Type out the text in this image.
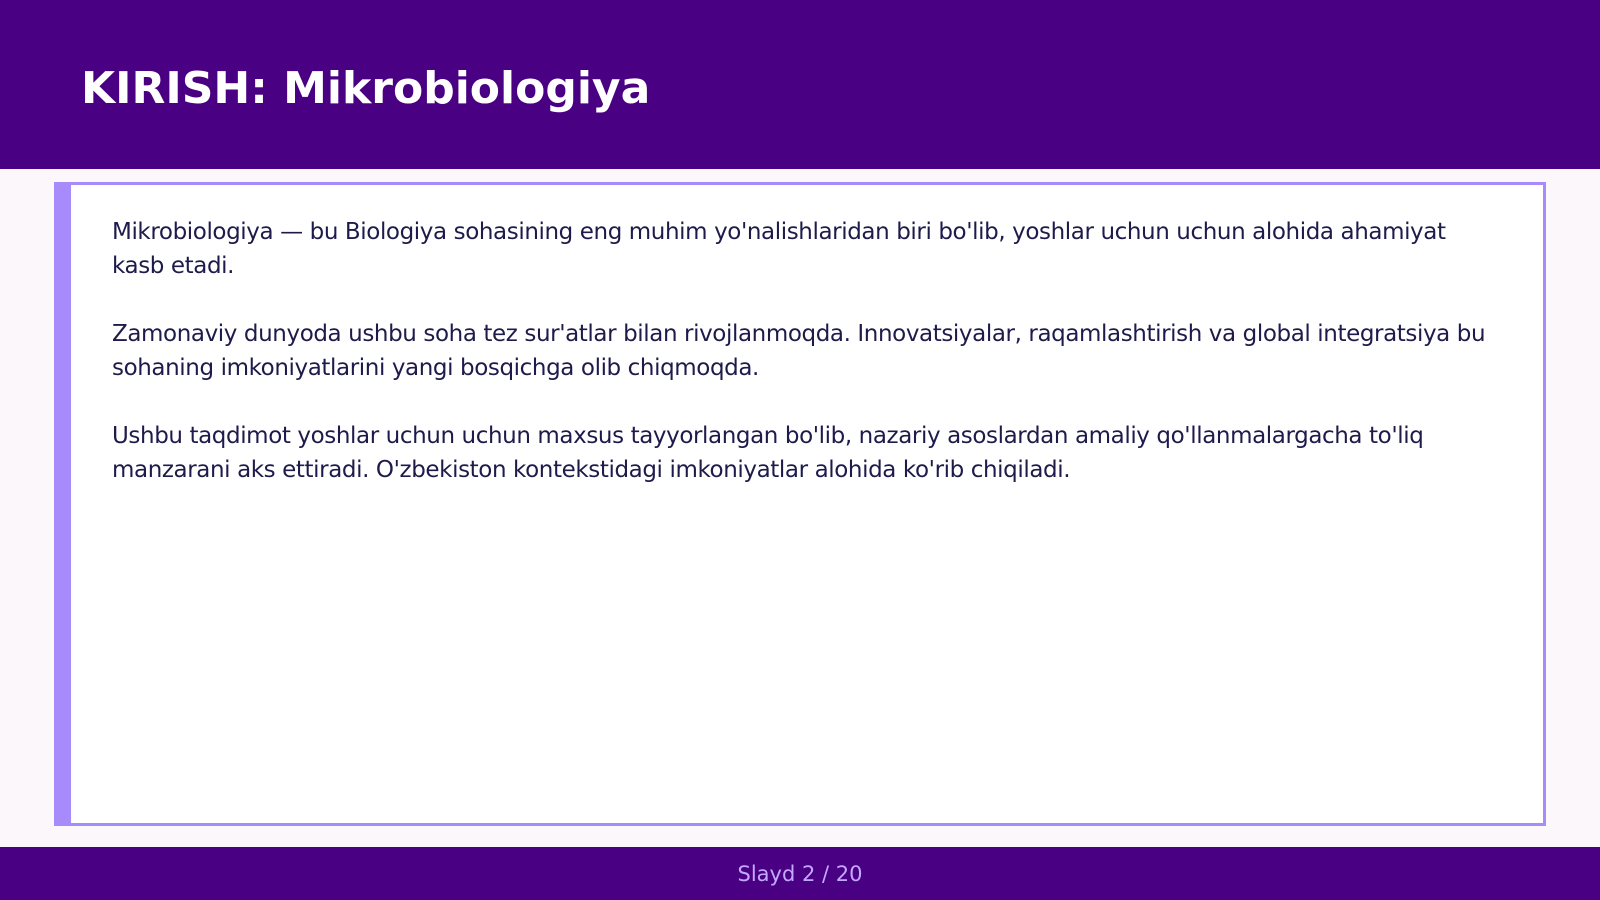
KIRISH: Mikrobiologiya

Mikrobiologiya — bu Biologiya sohasining eng muhim yo'nalishlaridan biri bo'lib, yoshlar uchun uchun alohida ahamiyat kasb etadi.

Zamonaviy dunyoda ushbu soha tez sur'atlar bilan rivojlanmoqda. Innovatsiyalar, raqamlashtirish va global integratsiya bu sohaning imkoniyatlarini yangi bosqichga olib chiqmoqda.

Ushbu taqdimot yoshlar uchun uchun maxsus tayyorlangan bo'lib, nazariy asoslardan amaliy qo'llanmalargacha to'liq manzarani aks ettiradi. O'zbekiston kontekstidagi imkoniyatlar alohida ko'rib chiqiladi.

Slayd 2 / 20
